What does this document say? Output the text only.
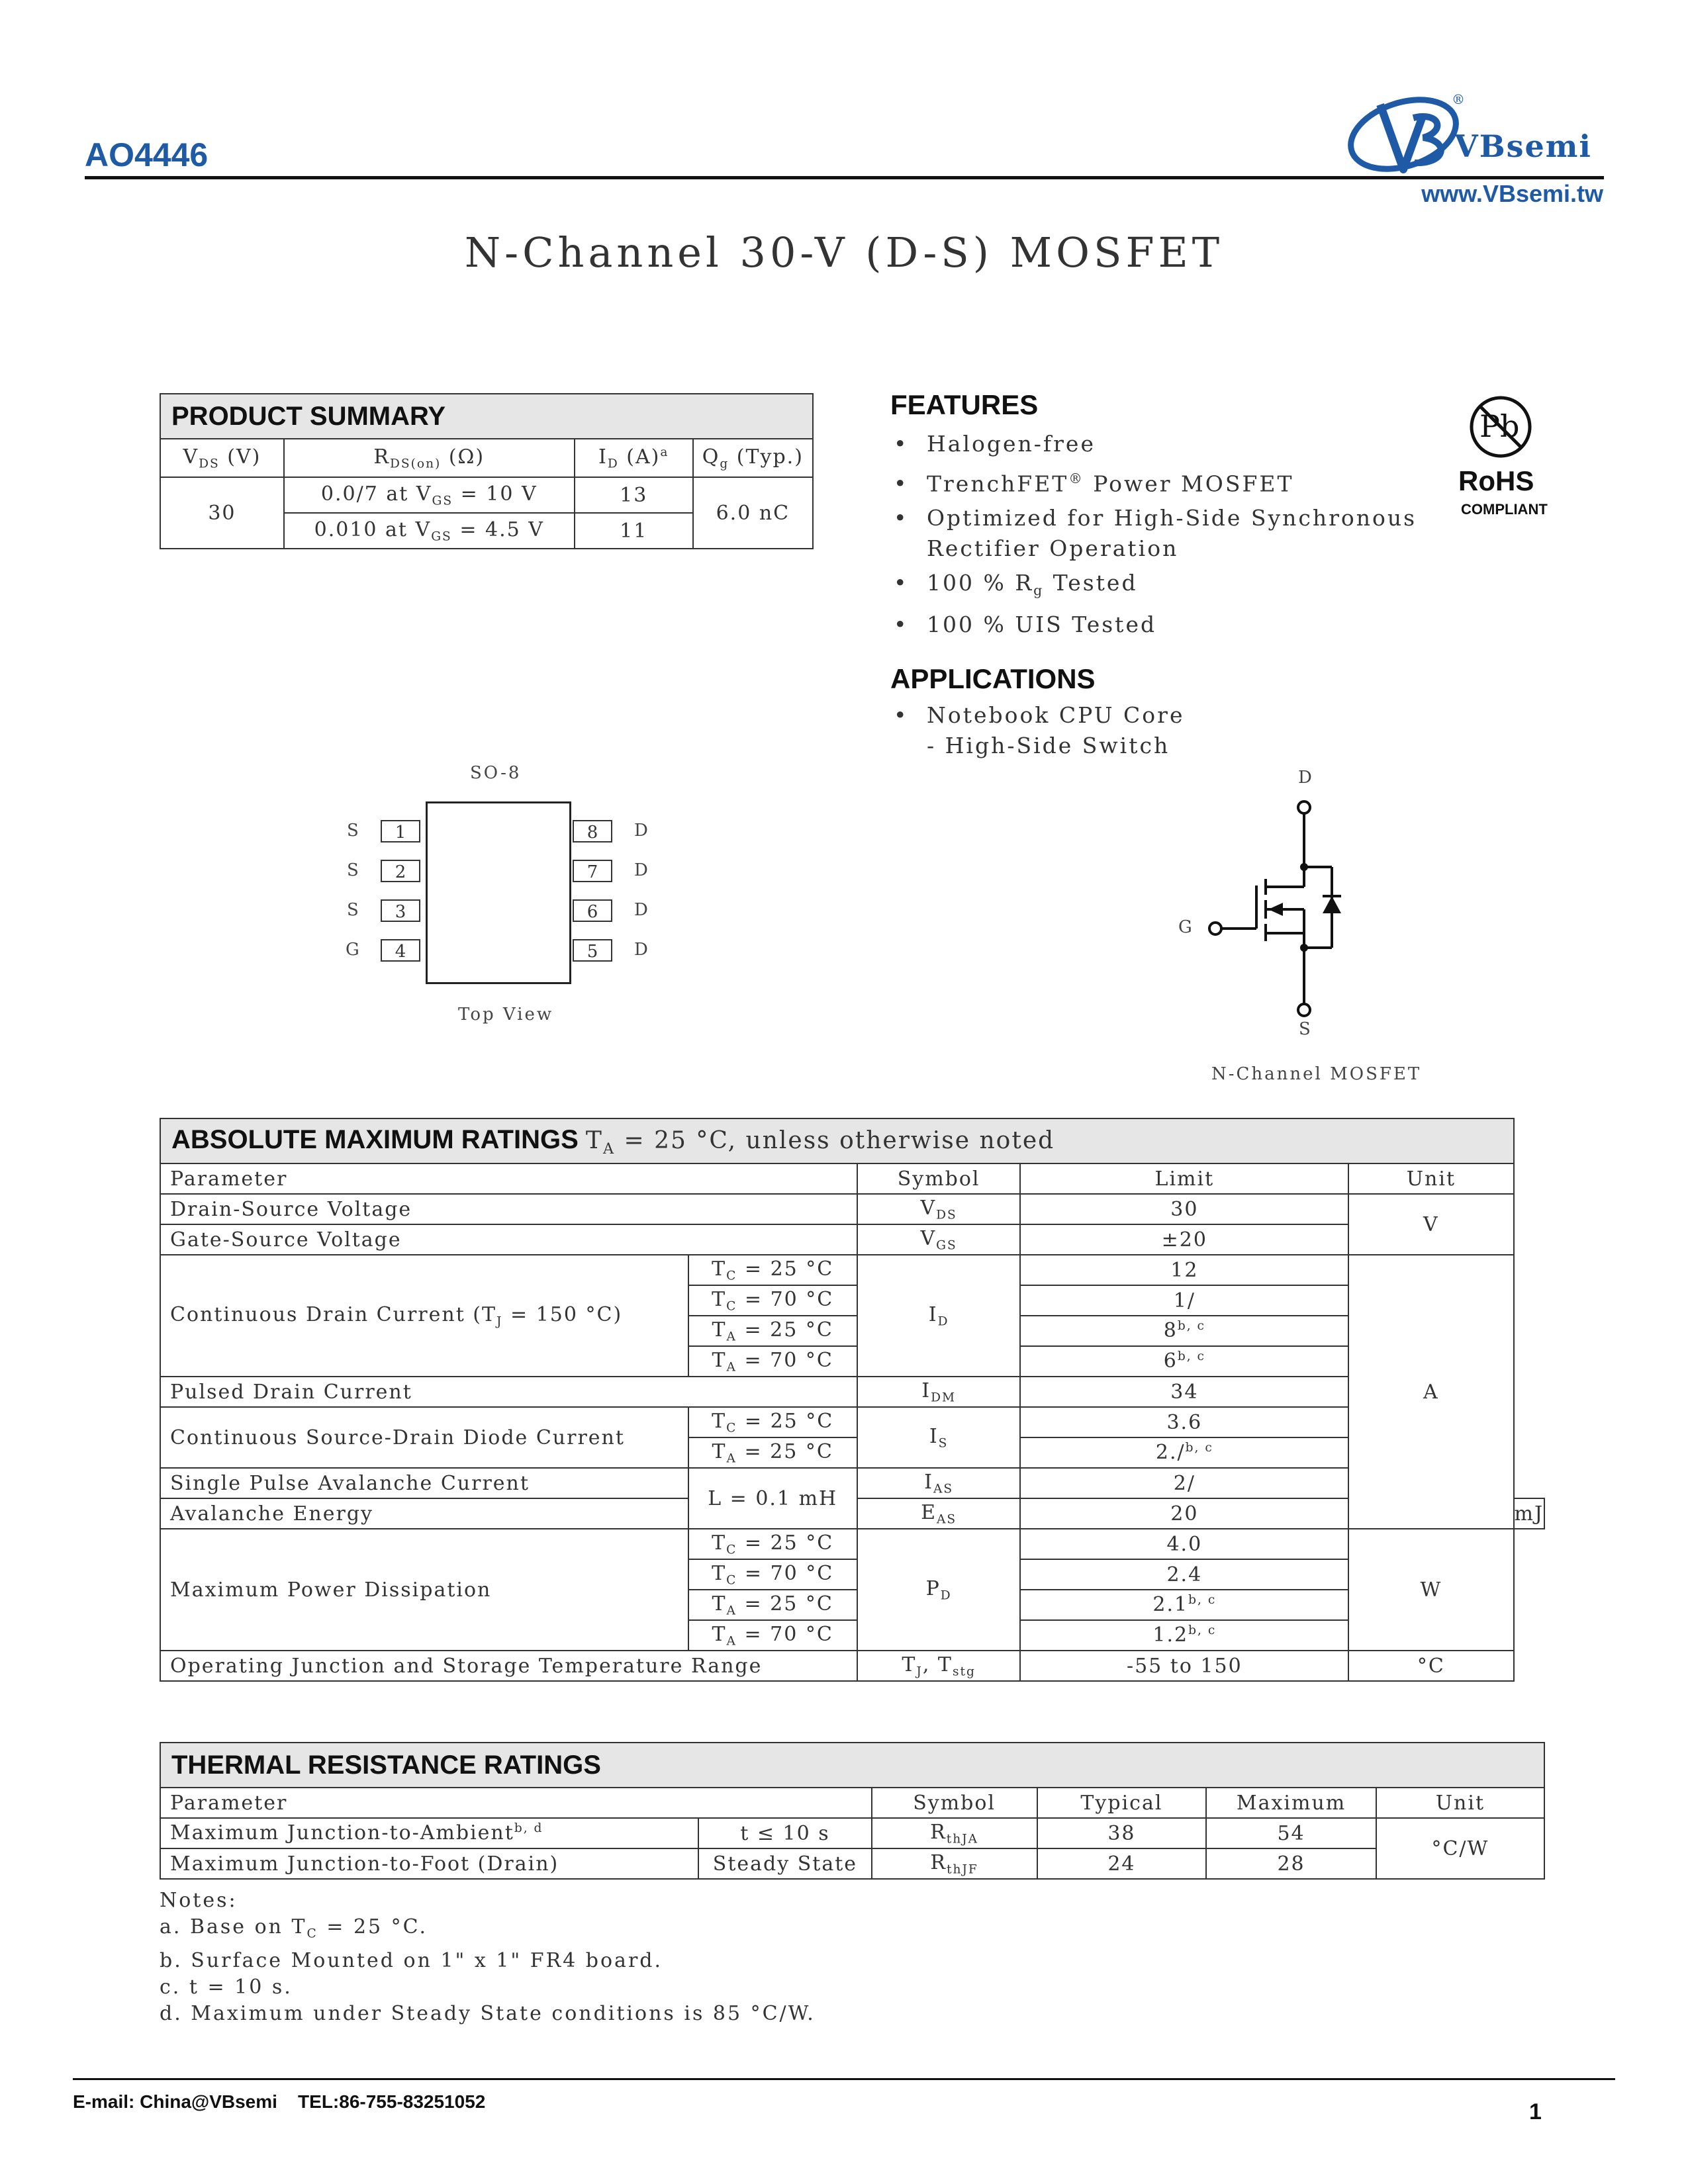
AO4446	VBsemi
®
www.VBsemi.tw
N-Channel 30-V (D-S) MOSFET
PRODUCT SUMMARY			
$V_{DS}$ (V)	$R_{DS(on)}$ (Ω)	$I_D$ $(A)^a$	$Q_g$ (Typ.)
30	0.0/7 at $V_{GS} = 10$ V	13	6.0 nC
	0.010 at $V_{GS} = 4.5$ V	11	
FEATURES
• Halogen-free
• TrenchFET® Power MOSFET
• Optimized for High-Side Synchronous
Rectifier Operation
• 100 % $R_g$ Tested
• 100 % UIS Tested
Pb
RoHS
COMPLIANT
APPLICATIONS
• Notebook CPU Core
- High-Side Switch
SO-8
1
2
3
4
8
7
6
5
S
S
S
G
D
D
D
D
Top View
D
G
S
N-Channel MOSFET
ABSOLUTE MAXIMUM RATINGS $T_A = 25$ °C, unless otherwise noted					
Parameter		Symbol	Limit	Unit	
Drain-Source Voltage		$V_{DS}$	30	V	
Gate-Source Voltage		$V_{GS}$	±20		
Continuous Drain Current ($T_J = 150$ °C)	$T_C = 25$ °C	$I_D$	12	A	
	$T_C = 70$ °C		1/		
	$T_A = 25$ °C		8$^{b, c}$
	$T_A = 70$ °C		6$^{b, c}$
Pulsed Drain Current		$I_{DM}$	34		
Continuous Source-Drain Diode Current	$T_C = 25$ °C	$I_S$	3.6		
	$T_A = 25$ °C		2./$^{b, c}$
Single Pulse Avalanche Current	L = 0.1 mH	$I_{AS}$	2/		
Avalanche Energy		$E_{AS}$	20		mJ
Maximum Power Dissipation	$T_C = 25$ °C	$P_D$	4.0	W	
	$T_C = 70$ °C		2.4		
	$T_A = 25$ °C		2.1$^{b, c}$
	$T_A = 70$ °C		1.2$^{b, c}$
Operating Junction and Storage Temperature Range		$T_J$, $T_{stg}$	-55 to 150	°C	
THERMAL RESISTANCE RATINGS					
Parameter		Symbol	Typical	Maximum	Unit
Maximum Junction-to-Ambient$^{b, d}$	t ≤ 10 s	$R_{thJA}$	38	54	°C/W
Maximum Junction-to-Foot (Drain)	Steady State	$R_{thJF}$	24	28	
Notes:
a. Base on $T_C = 25$ °C.
b. Surface Mounted on 1" x 1" FR4 board.
c. t = 10 s.
d. Maximum under Steady State conditions is 85 °C/W.
E-mail: China@VBsemi    TEL:86-755-83251052	1
